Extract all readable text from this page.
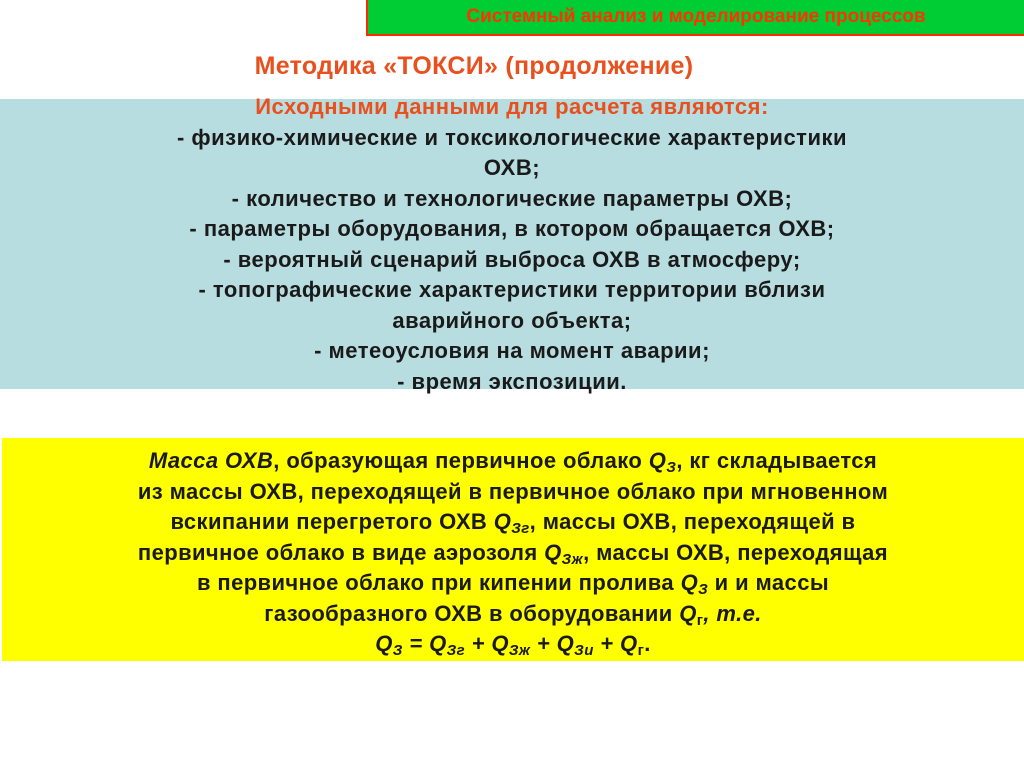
Системный анализ и моделирование процессов
Методика «ТОКСИ» (продолжение)
Исходными данными для расчета являются:
- физико-химические и токсикологические характеристики
ОХВ;
- количество и технологические параметры ОХВ;
- параметры оборудования, в котором обращается ОХВ;
- вероятный сценарий выброса ОХВ в атмосферу;
- топографические характеристики территории вблизи
аварийного объекта;
- метеоусловия на момент аварии;
- время экспозиции.
Масса ОХВ, образующая первичное облако $Q_З$, кг складывается
из массы ОХВ, переходящей в первичное облако при мгновенном
вскипании перегретого ОХВ $Q_{Зг}$, массы ОХВ, переходящей в
первичное облако в виде аэрозоля $Q_{Зж}$, массы ОХВ, переходящая
в первичное облако при кипении пролива $Q_З$ и и массы
газообразного ОХВ в оборудовании $Q_г$, т.е.
$Q_З = Q_{Зг} + Q_{Зж} + Q_{Зи} + Q_г$.
